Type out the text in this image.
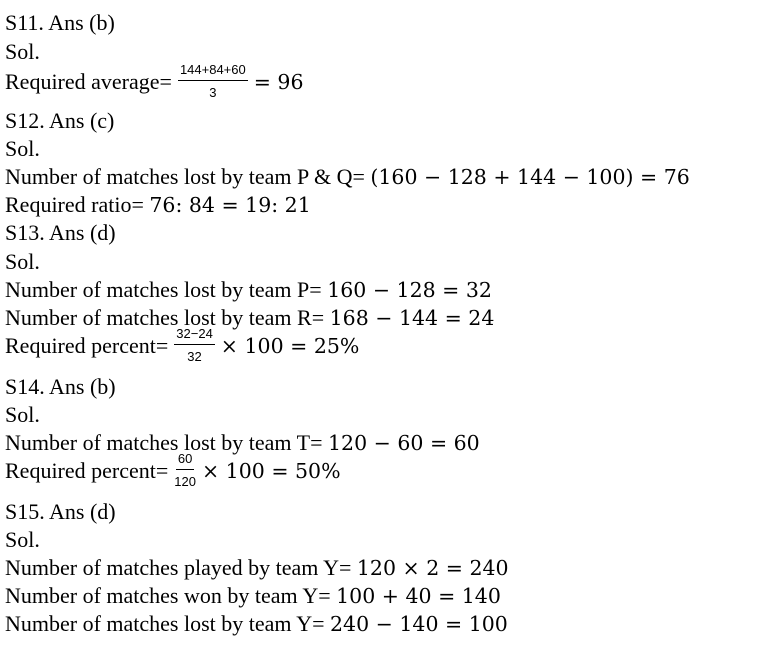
S11. Ans (b)
Sol.
Required average= $\frac{144+84+60}{3} = 96$
S12. Ans (c)
Sol.
Number of matches lost by team P & Q= (160 − 128 + 144 − 100) = 76
Required ratio= 76: 84 = 19: 21
S13. Ans (d)
Sol.
Number of matches lost by team P= 160 − 128 = 32
Number of matches lost by team R= 168 − 144 = 24
Required percent= $\frac{32-24}{32} \times 100 = 25\%$
S14. Ans (b)
Sol.
Number of matches lost by team T= 120 − 60 = 60
Required percent= $\frac{60}{120} \times 100 = 50\%$
S15. Ans (d)
Sol.
Number of matches played by team Y= 120 × 2 = 240
Number of matches won by team Y= 100 + 40 = 140
Number of matches lost by team Y= 240 − 140 = 100
